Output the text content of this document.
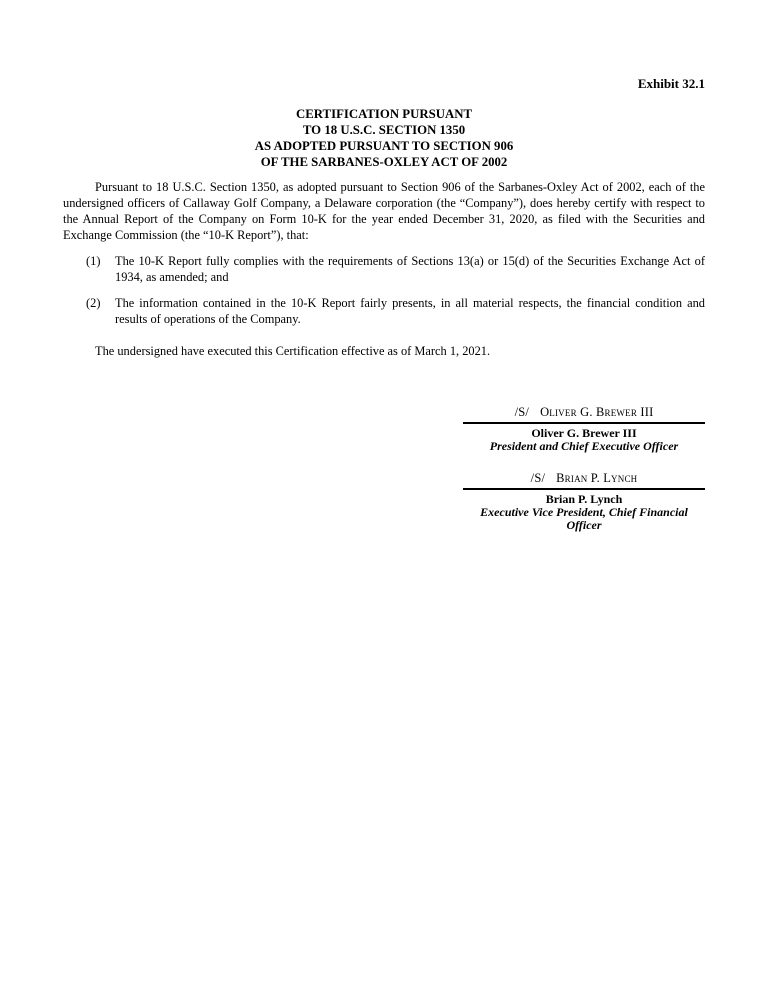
Exhibit 32.1
CERTIFICATION PURSUANT
TO 18 U.S.C. SECTION 1350
AS ADOPTED PURSUANT TO SECTION 906
OF THE SARBANES-OXLEY ACT OF 2002

Pursuant to 18 U.S.C. Section 1350, as adopted pursuant to Section 906 of the Sarbanes-Oxley Act of 2002, each of the undersigned officers of Callaway Golf Company, a Delaware corporation (the “Company”), does hereby certify with respect to the Annual Report of the Company on Form 10-K for the year ended December 31, 2020, as filed with the Securities and Exchange Commission (the “10-K Report”), that:

(1)	The 10-K Report fully complies with the requirements of Sections 13(a) or 15(d) of the Securities Exchange Act of 1934, as amended; and
(2)	The information contained in the 10-K Report fairly presents, in all material respects, the financial condition and results of operations of the Company.

The undersigned have executed this Certification effective as of March 1, 2021.

/S/ Oliver G. Brewer III
Oliver G. Brewer III
President and Chief Executive Officer
/S/ Brian P. Lynch
Brian P. Lynch
Executive Vice President, Chief Financial Officer
